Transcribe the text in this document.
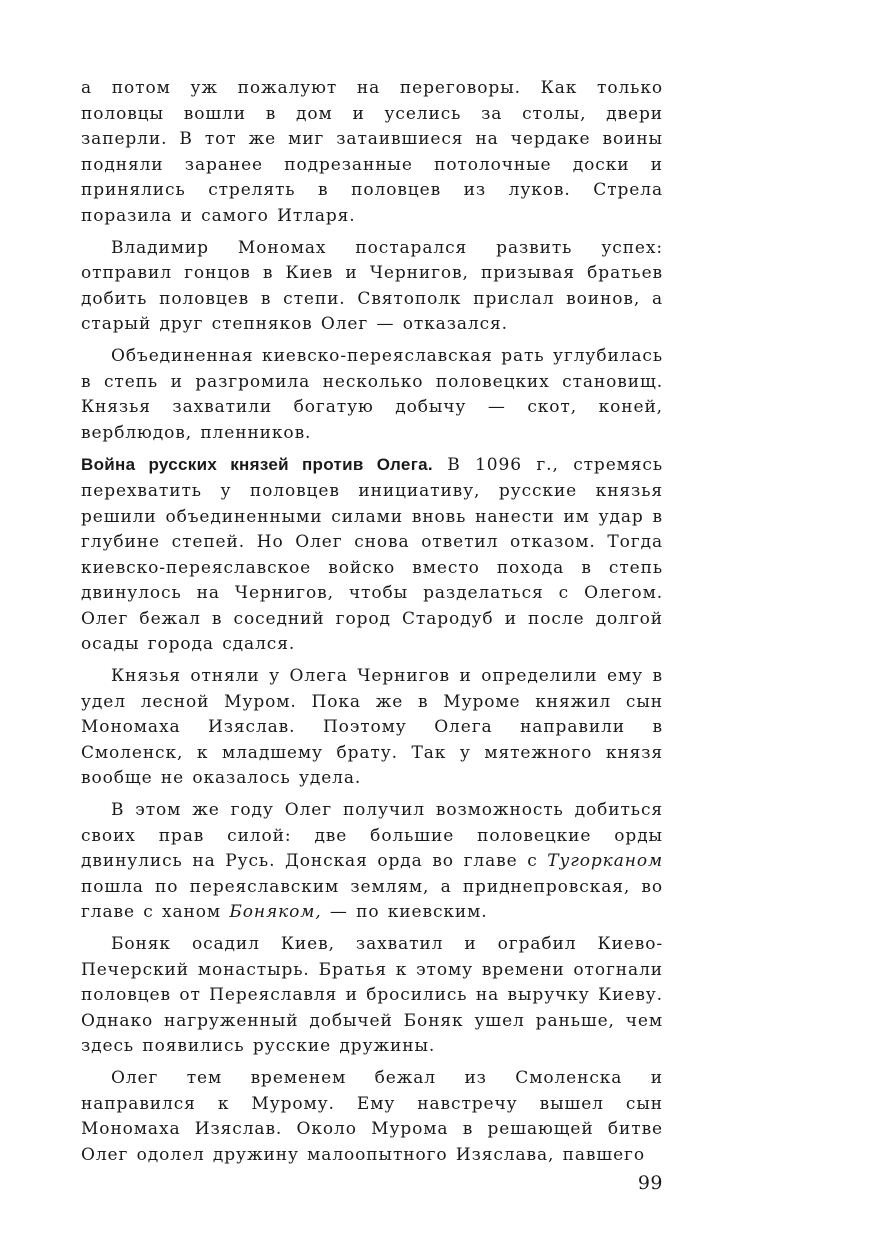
а потом уж пожалуют на переговоры. Как только половцы вошли в дом и уселись за столы, двери заперли. В тот же миг затаившиеся на чердаке воины подняли заранее подрезанные потолочные доски и принялись стрелять в половцев из луков. Стрела поразила и самого Итларя.

Владимир Мономах постарался развить успех: отправил гонцов в Киев и Чернигов, призывая братьев добить половцев в степи. Святополк прислал воинов, а старый друг степняков Олег — отказался.

Объединенная киевско-переяславская рать углубилась в степь и разгромила несколько половецких становищ. Князья захватили богатую добычу — скот, коней, верблюдов, пленников.

Война русских князей против Олега. В 1096 г., стремясь перехватить у половцев инициативу, русские князья решили объединенными силами вновь нанести им удар в глубине степей. Но Олег снова ответил отказом. Тогда киевско-переяславское войско вместо похода в степь двинулось на Чернигов, чтобы разделаться с Олегом. Олег бежал в соседний город Стародуб и после долгой осады города сдался.

Князья отняли у Олега Чернигов и определили ему в удел лесной Муром. Пока же в Муроме княжил сын Мономаха Изяслав. Поэтому Олега направили в Смоленск, к младшему брату. Так у мятежного князя вообще не оказалось удела.

В этом же году Олег получил возможность добиться своих прав силой: две большие половецкие орды двинулись на Русь. Донская орда во главе с Тугорканом пошла по переяславским землям, а приднепровская, во главе с ханом Боняком, — по киевским.

Боняк осадил Киев, захватил и ограбил Киево-Печерский монастырь. Братья к этому времени отогнали половцев от Переяславля и бросились на выручку Киеву. Однако нагруженный добычей Боняк ушел раньше, чем здесь появились русские дружины.

Олег тем временем бежал из Смоленска и направился к Мурому. Ему навстречу вышел сын Мономаха Изяслав. Около Мурома в решающей битве Олег одолел дружину малоопытного Изяслава, павшего

99
